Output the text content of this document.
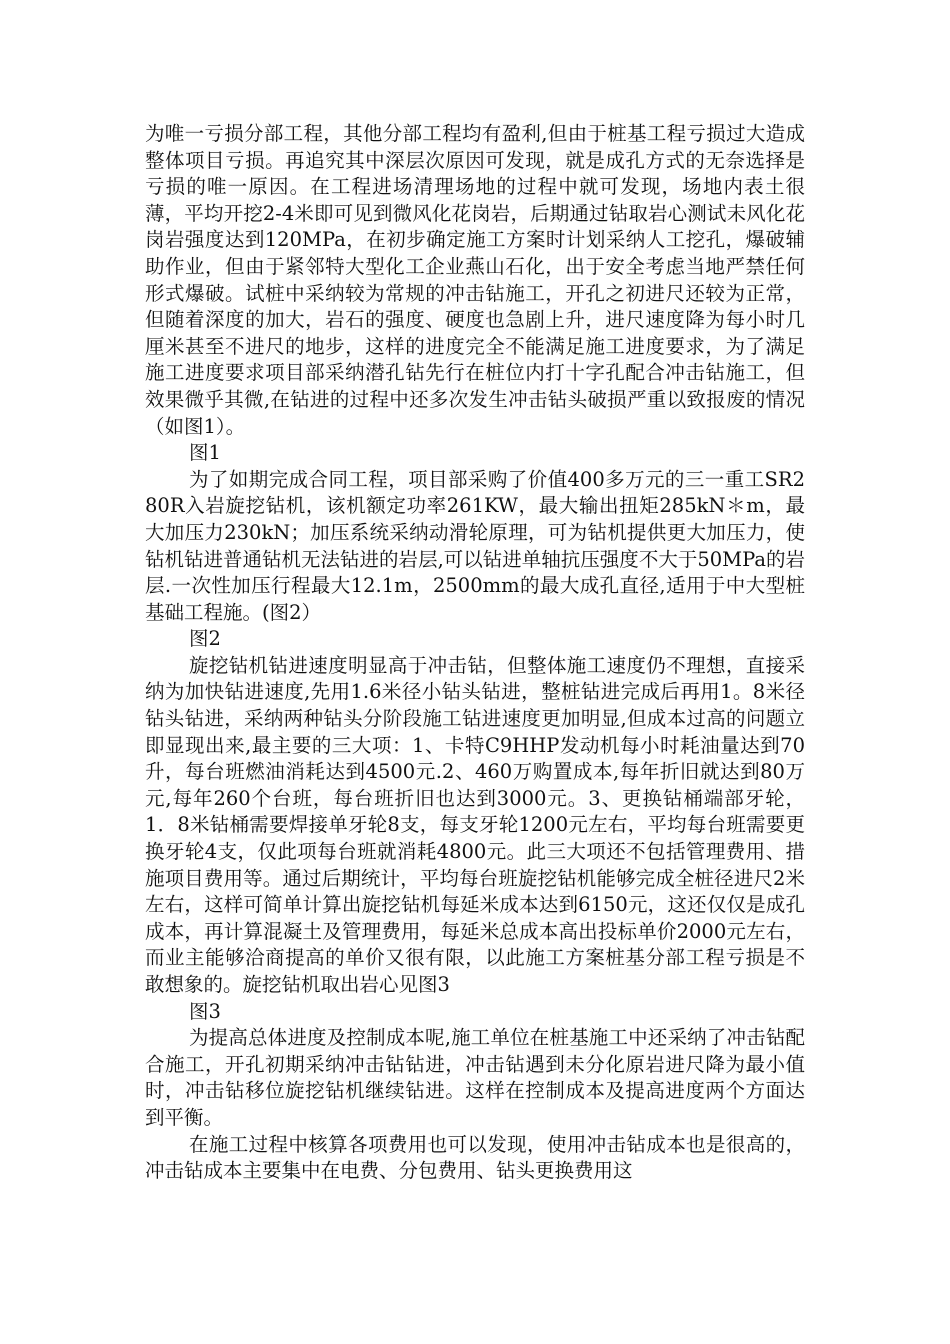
为唯一亏损分部工程，其他分部工程均有盈利,但由于桩基工程亏损过大造成整体项目亏损。再追究其中深层次原因可发现，就是成孔方式的无奈选择是亏损的唯一原因。在工程进场清理场地的过程中就可发现，场地内表土很薄，平均开挖2-4米即可见到微风化花岗岩，后期通过钻取岩心测试未风化花岗岩强度达到120MPa，在初步确定施工方案时计划采纳人工挖孔，爆破辅助作业，但由于紧邻特大型化工企业燕山石化，出于安全考虑当地严禁任何形式爆破。试桩中采纳较为常规的冲击钻施工，开孔之初进尺还较为正常，但随着深度的加大，岩石的强度、硬度也急剧上升，进尺速度降为每小时几厘米甚至不进尺的地步，这样的进度完全不能满足施工进度要求，为了满足施工进度要求项目部采纳潜孔钻先行在桩位内打十字孔配合冲击钻施工，但效果微乎其微,在钻进的过程中还多次发生冲击钻头破损严重以致报废的情况（如图1）。

图1

为了如期完成合同工程，项目部采购了价值400多万元的三一重工SR280R入岩旋挖钻机，该机额定功率261KW，最大输出扭矩285kN＊m，最大加压力230kN；加压系统采纳动滑轮原理，可为钻机提供更大加压力，使钻机钻进普通钻机无法钻进的岩层,可以钻进单轴抗压强度不大于50MPa的岩层.一次性加压行程最大12.1m，2500mm的最大成孔直径,适用于中大型桩基础工程施。(图2）

图2

旋挖钻机钻进速度明显高于冲击钻，但整体施工速度仍不理想，直接采纳为加快钻进速度,先用1.6米径小钻头钻进，整桩钻进完成后再用1。8米径钻头钻进，采纳两种钻头分阶段施工钻进速度更加明显,但成本过高的问题立即显现出来,最主要的三大项：1、卡特C9HHP发动机每小时耗油量达到70升，每台班燃油消耗达到4500元.2、460万购置成本,每年折旧就达到80万元,每年260个台班，每台班折旧也达到3000元。3、更换钻桶端部牙轮，1．8米钻桶需要焊接单牙轮8支，每支牙轮1200元左右，平均每台班需要更换牙轮4支，仅此项每台班就消耗4800元。此三大项还不包括管理费用、措施项目费用等。通过后期统计，平均每台班旋挖钻机能够完成全桩径进尺2米左右，这样可简单计算出旋挖钻机每延米成本达到6150元，这还仅仅是成孔成本，再计算混凝土及管理费用，每延米总成本高出投标单价2000元左右，而业主能够洽商提高的单价又很有限，以此施工方案桩基分部工程亏损是不敢想象的。旋挖钻机取出岩心见图3

图3

为提高总体进度及控制成本呢,施工单位在桩基施工中还采纳了冲击钻配合施工，开孔初期采纳冲击钻钻进，冲击钻遇到未分化原岩进尺降为最小值时，冲击钻移位旋挖钻机继续钻进。这样在控制成本及提高进度两个方面达到平衡。

在施工过程中核算各项费用也可以发现，使用冲击钻成本也是很高的，冲击钻成本主要集中在电费、分包费用、钻头更换费用这
